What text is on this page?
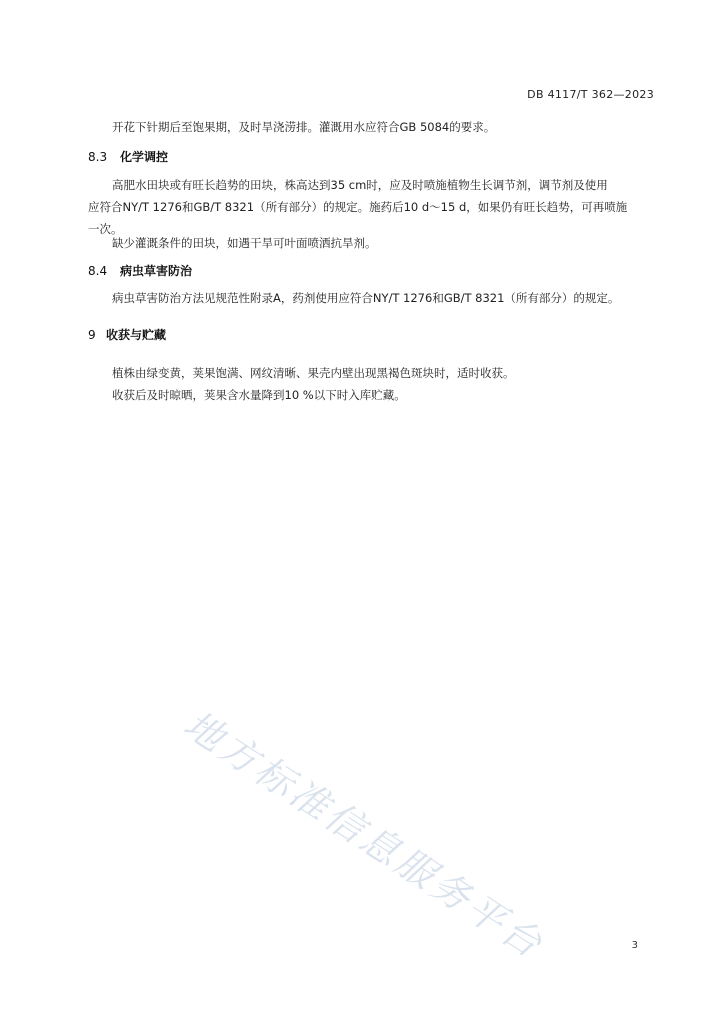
DB 4117/T 362—2023
开花下针期后至饱果期，及时旱浇涝排。灌溉用水应符合GB 5084的要求。
8.3 化学调控
高肥水田块或有旺长趋势的田块，株高达到35 cm时，应及时喷施植物生长调节剂，调节剂及使用
应符合NY/T 1276和GB/T 8321（所有部分）的规定。施药后10 d～15 d，如果仍有旺长趋势，可再喷施
一次。
缺少灌溉条件的田块，如遇干旱可叶面喷洒抗旱剂。
8.4 病虫草害防治
病虫草害防治方法见规范性附录A，药剂使用应符合NY/T 1276和GB/T 8321（所有部分）的规定。
9 收获与贮藏
植株由绿变黄，荚果饱满、网纹清晰、果壳内壁出现黑褐色斑块时，适时收获。
收获后及时晾晒，荚果含水量降到10 %以下时入库贮藏。
地方标准信息服务平台	3
